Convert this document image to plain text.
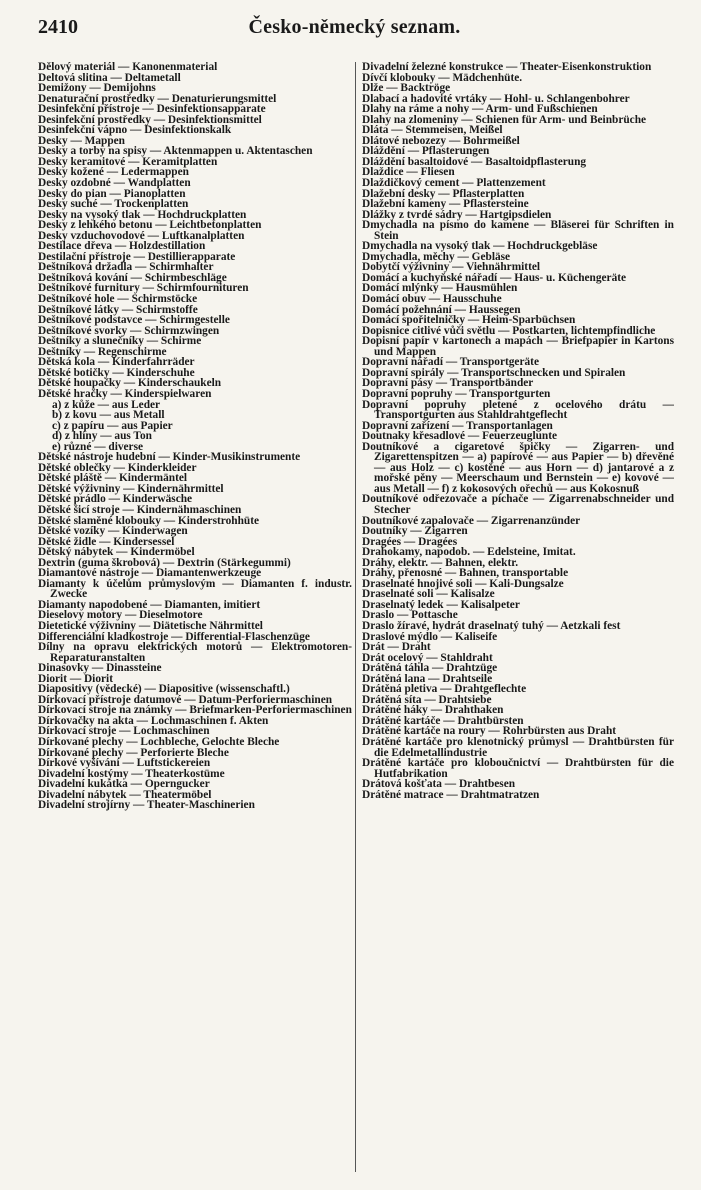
2410	Česko-německý seznam.

Dělový materiál — Kanonenmaterial

Deltová slitina — Deltametall

Demižony — Demijohns

Denaturační prostředky — Denaturierungsmittel

Desinfekční přístroje — Desinfektionsapparate

Desinfekční prostředky — Desinfektionsmittel

Desinfekční vápno — Desinfektionskalk

Desky — Mappen

Desky a torby na spisy — Aktenmappen u. Aktentaschen

Desky keramitové — Keramitplatten

Desky kožené — Ledermappen

Desky ozdobné — Wandplatten

Desky do pian — Pianoplatten

Desky suché — Trockenplatten

Desky na vysoký tlak — Hochdruckplatten

Desky z lehkého betonu — Leichtbetonplatten

Desky vzduchovodové — Luftkanalplatten

Destilace dřeva — Holzdestillation

Destilační přístroje — Destillierapparate

Deštníková držadla — Schirmhalter

Deštníková kování — Schirmbeschläge

Deštníkové furnitury — Schirmfournituren

Deštníkové hole — Schirmstöcke

Deštníkové látky — Schirmstoffe

Deštníkové podstavce — Schirmgestelle

Deštníkové svorky — Schirmzwingen

Deštníky a slunečníky — Schirme

Deštníky — Regenschirme

Dětská kola — Kinderfahrräder

Dětské botičky — Kinderschuhe

Dětské houpačky — Kinderschaukeln

Dětské hračky — Kinderspielwaren

a) z kůže — aus Leder

b) z kovu — aus Metall

c) z papíru — aus Papier

d) z hlíny — aus Ton

e) různé — diverse

Dětské nástroje hudební — Kinder-Musikinstrumente

Dětské oblečky — Kinderkleider

Dětské pláště — Kindermäntel

Dětské výživniny — Kindernährmittel

Dětské prádlo — Kinderwäsche

Dětské šicí stroje — Kindernähmaschinen

Dětské slaměné klobouky — Kinderstrohhüte

Dětské vozíky — Kinderwagen

Dětské židle — Kindersessel

Dětský nábytek — Kindermöbel

Dextrin (guma škrobová) — Dextrin (Stärkegummi)

Diamantové nástroje — Diamantenwerkzeuge

Diamanty k účelům průmyslovým — Diamanten f. industr. Zwecke

Diamanty napodobené — Diamanten, imitiert

Dieselovy motory — Dieselmotore

Dietetické výživniny — Diätetische Nährmittel

Differenciální kladkostroje — Differential-Flaschenzüge

Dílny na opravu elektrických motorů — Elektromotoren-Reparaturanstalten

Dinasovky — Dinassteine

Diorit — Diorit

Diapositivy (vědecké) — Diapositive (wissenschaftl.)

Dírkovací přístroje datumové — Datum-Perforiermaschinen

Dírkovací stroje na známky — Briefmarken-Perforiermaschinen

Dírkovačky na akta — Lochmaschinen f. Akten

Dírkovací stroje — Lochmaschinen

Dírkované plechy — Lochbleche, Gelochte Bleche

Dírkované plechy — Perforierte Bleche

Dírkové vyšívání — Luftstickereien

Divadelní kostýmy — Theaterkostüme

Divadelní kukátka — Operngucker

Divadelní nábytek — Theatermöbel

Divadelní strojírny — Theater-Maschinerien

Divadelní železné konstrukce — Theater-Eisenkonstruktion

Dívčí klobouky — Mädchenhüte.

Dlže — Backtröge

Dlabací a hadovité vrtáky — Hohl- u. Schlangenbohrer

Dlahy na ráme a nohy — Arm- und Fußschienen

Dlahy na zlomeniny — Schienen für Arm- und Beinbrüche

Dláta — Stemmeisen, Meißel

Dlátové nebozezy — Bohrmeißel

Dláždění — Pflasterungen

Dláždění basaltoidové — Basaltoidpflasterung

Dlaždice — Fliesen

Dlaždičkový cement — Plattenzement

Dlažební desky — Pflasterplatten

Dlažební kameny — Pflastersteine

Dlážky z tvrdé sádry — Hartgipsdielen

Dmychadla na písmo do kamene — Bläserei für Schriften in Stein

Dmychadla na vysoký tlak — Hochdruckgebläse

Dmychadla, měchy — Gebläse

Dobytčí výživniny — Viehnährmittel

Domácí a kuchyňské nářadí — Haus- u. Küchengeräte

Domácí mlýnky — Hausmühlen

Domácí obuv — Hausschuhe

Domácí požehnání — Haussegen

Domácí spořitelničky — Heim-Sparbüchsen

Dopisnice citlivé vůči světlu — Postkarten, lichtempfindliche

Dopisní papír v kartonech a mapách — Briefpapier in Kartons und Mappen

Dopravní nářadí — Transportgeräte

Dopravní spirály — Transportschnecken und Spiralen

Dopravní pásy — Transportbänder

Dopravní popruhy — Transportgurten

Dopravní popruhy pletené z ocelového drátu — Transportgurten aus Stahldrahtgeflecht

Dopravní zařízení — Transportanlagen

Doutnaky křesadlové — Feuerzeuglunte

Doutníkové a cigaretové špičky — Zigarren- und Zigarettenspitzen — a) papírové — aus Papier — b) dřevěné — aus Holz — c) kostěné — aus Horn — d) jantarové a z mořské pěny — Meerschaum und Bernstein — e) kovové — aus Metall — f) z kokosových ořechů — aus Kokosnuß

Doutníkové odřezovače a píchače — Zigarrenabschneider und Stecher

Doutníkové zapalovače — Zigarrenanzünder

Doutníky — Zigarren

Dragées — Dragées

Drahokamy, napodob. — Edelsteine, Imitat.

Dráhy, elektr. — Bahnen, elektr.

Dráhy, přenosné — Bahnen, transportable

Draselnaté hnojivé soli — Kali-Dungsalze

Draselnaté soli — Kalisalze

Draselnatý ledek — Kalisalpeter

Draslo — Pottasche

Draslo žíravé, hydrát draselnatý tuhý — Aetzkali fest

Draslové mýdlo — Kaliseife

Drát — Draht

Drát ocelový — Stahldraht

Drátěná táhla — Drahtzüge

Drátěná lana — Drahtseile

Drátěná pletiva — Drahtgeflechte

Drátěná síta — Drahtsiebe

Drátěné háky — Drahthaken

Drátěné kartáče — Drahtbürsten

Drátěné kartáče na roury — Rohrbürsten aus Draht

Drátěné kartáče pro klenotnický průmysl — Drahtbürsten für die Edelmetallindustrie

Drátěné kartáče pro kloboučnictví — Drahtbürsten für die Hutfabrikation

Drátová košťata — Drahtbesen

Drátěné matrace — Drahtmatratzen
